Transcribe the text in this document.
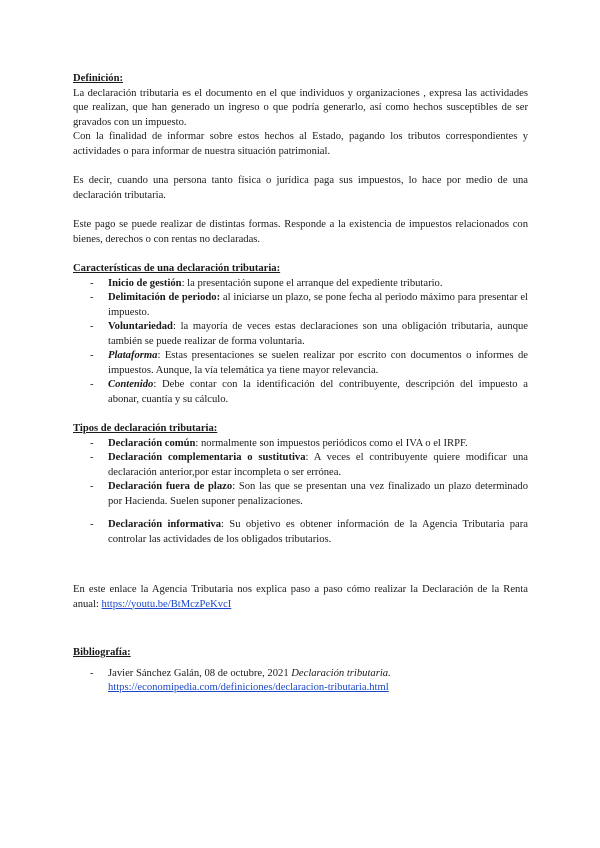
Definición:

La declaración tributaria es el documento en el que individuos y organizaciones , expresa las actividades que realizan, que han generado un ingreso o que podría generarlo, así como hechos susceptibles de ser gravados con un impuesto.

Con la finalidad de informar sobre estos hechos al Estado, pagando los tributos correspondientes y actividades o para informar de nuestra situación patrimonial.

Es decir, cuando una persona tanto física o jurídica paga sus impuestos, lo hace por medio de una declaración tributaria.

Este pago se puede realizar de distintas formas. Responde a la existencia de impuestos relacionados con bienes, derechos o con rentas no declaradas.

Características de una declaración tributaria:

- Inicio de gestión: la presentación supone el arranque del expediente tributario.
- Delimitación de periodo: al iniciarse un plazo, se pone fecha al periodo máximo para presentar el impuesto.
- Voluntariedad: la mayoría de veces estas declaraciones son una obligación tributaria, aunque también se puede realizar de forma voluntaria.
- Plataforma: Estas presentaciones se suelen realizar por escrito con documentos o informes de impuestos. Aunque, la vía telemática ya tiene mayor relevancia.
- Contenido: Debe contar con la identificación del contribuyente, descripción del impuesto a abonar, cuantía y su cálculo.

Tipos de declaración tributaria:

- Declaración común: normalmente son impuestos periódicos como el IVA o el IRPF.
- Declaración complementaria o sustitutiva: A veces el contribuyente quiere modificar una declaración anterior,por estar incompleta o ser errónea.
- Declaración fuera de plazo: Son las que se presentan una vez finalizado un plazo determinado por Hacienda. Suelen suponer penalizaciones.
- Declaración informativa: Su objetivo es obtener información de la Agencia Tributaria para controlar las actividades de los obligados tributarios.

En este enlace la Agencia Tributaria nos explica paso a paso cómo realizar la Declaración de la Renta anual: https://youtu.be/BtMczPeKvcI

Bibliografía:

- Javier Sánchez Galán, 08 de octubre, 2021 Declaración tributaria.
https://economipedia.com/definiciones/declaracion-tributaria.html
